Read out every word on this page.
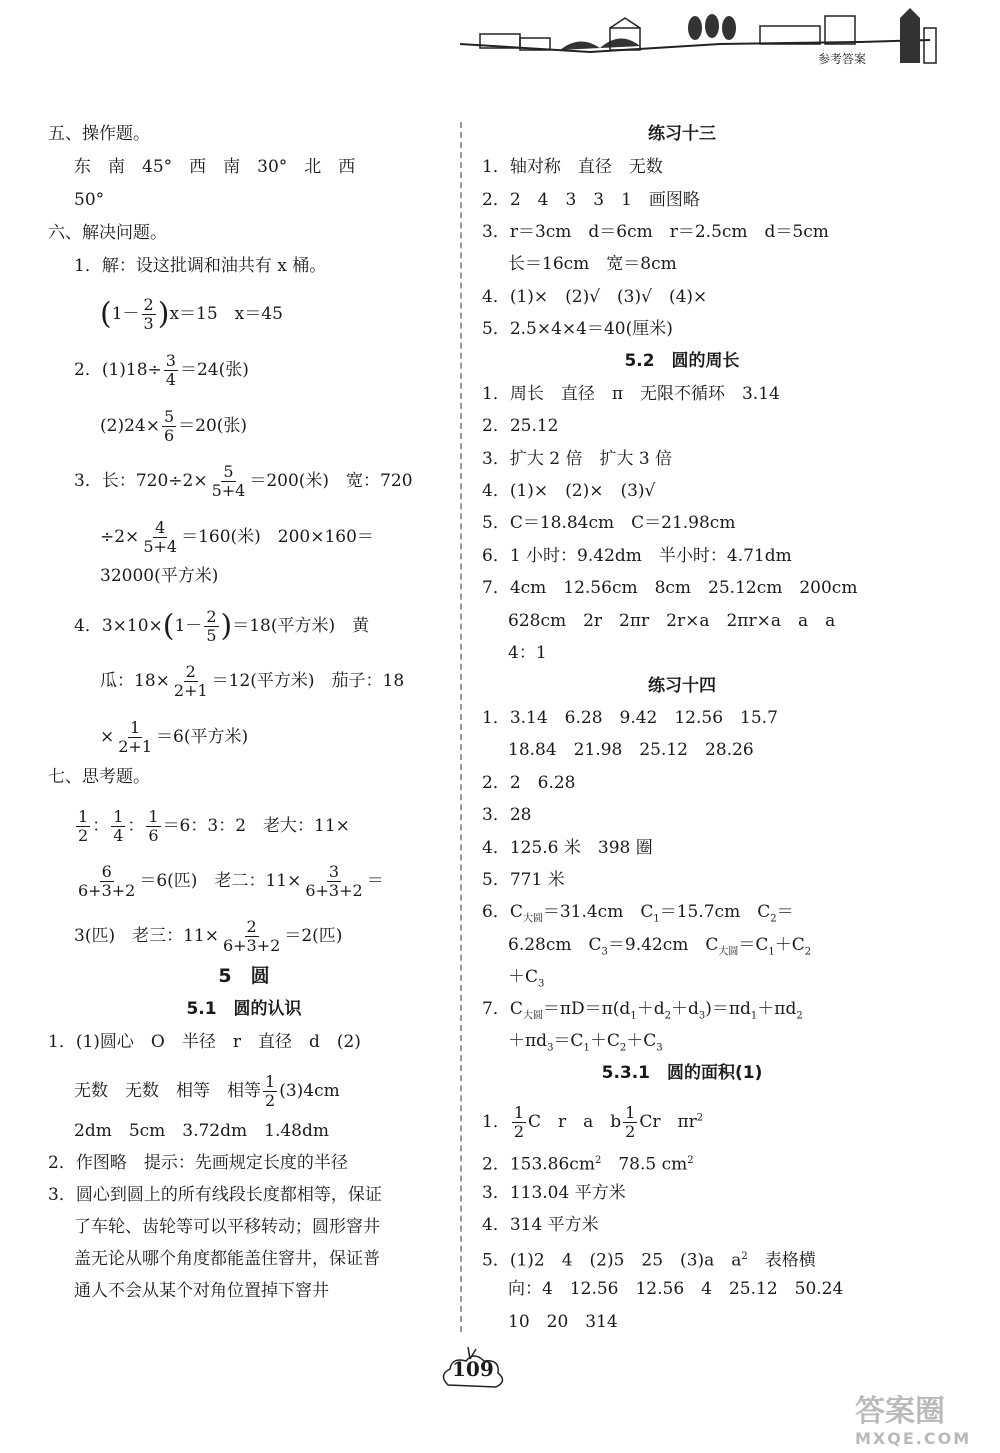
参考答案
五、操作题。
东　南　45°　西　南　30°　北　西
50°
六、解决问题。
1．解：设这批调和油共有 x 桶。
$(1- \frac{2}{3} )x=15$　x＝45
2．$(1)18\div \frac{3}{4} =24$(张)
$(2)24\times \frac{5}{6} =20$(张)
3．长：$720\div 2\times \frac{5}{5+4} =200$(米)　宽：720
$\div 2\times \frac{4}{5+4} =160$(米)　200×160＝
32000(平方米)
4．$3\times 10\times(1- \frac{2}{5} )=18$(平方米)　黄
瓜：$18\times \frac{2}{2+1} =12$(平方米)　茄子：18
× $\frac{1}{2+1} =6$(平方米)
七、思考题。
$\frac{1}{2}$ ： $\frac{1}{4}$ ： $\frac{1}{6} =6$：3：2　老大：11×
$\frac{6}{6+3+2} =6$(匹)　老二：$11\times \frac{3}{6+3+2}$ ＝
3(匹)　老三：$11\times \frac{2}{6+3+2} =2$(匹)
5　圆
5.1　圆的认识
1．(1)圆心　O　半径　r　直径　d　(2)
无数　无数　相等　相等 $\frac{1}{2} (3)4cm$
2dm　5cm　3.72dm　1.48dm
2．作图略　提示：先画规定长度的半径
3．圆心到圆上的所有线段长度都相等，保证
了车轮、齿轮等可以平移转动；圆形窨井
盖无论从哪个角度都能盖住窨井，保证普
通人不会从某个对角位置掉下窨井
练习十三
1．轴对称　直径　无数
2．2　4　3　3　1　画图略
3．r＝3cm　d＝6cm　r＝2.5cm　d＝5cm
长＝16cm　宽＝8cm
4．(1)×　(2)√　(3)√　(4)×
5．2.5×4×4＝40(厘米)
5.2　圆的周长
1．周长　直径　π　无限不循环　3.14
2．25.12
3．扩大 2 倍　扩大 3 倍
4．(1)×　(2)×　(3)√
5．C＝18.84cm　C＝21.98cm
6．1 小时：9.42dm　半小时：4.71dm
7．4cm　12.56cm　8cm　25.12cm　200cm
628cm　2r　2πr　2r×a　2πr×a　a　a
4：1
练习十四
1．3.14　6.28　9.42　12.56　15.7
18.84　21.98　25.12　28.26
2．2　6.28
3．28
4．125.6 米　398 圈
5．771 米
6．$C_{大圆}=31.4cm$　$C_1=15.7cm$　$C_2=$
6.28cm　$C_3=9.42cm$　$C_{大圆}=C_1+C_2$
$+C_3$
7．$C_{大圆}=\pi D=\pi(d_1+d_2+d_3)=\pi d_1+\pi d_2$
$+\pi d_3=C_1+C_2+C_3$
5.3.1　圆的面积(1)
1． $\frac{1}{2}$ C　r　a　b $\frac{1}{2}$ Cr　$\pi r^2$
2．$153.86cm^2$　78.5 $cm^2$
3．113.04 平方米
4．314 平方米
5．(1)2　4　(2)5　25　(3)a　$a^2$　表格横
向：4　12.56　12.56　4　25.12　50.24
10　20　314
109
答案圈
MXQE.COM
